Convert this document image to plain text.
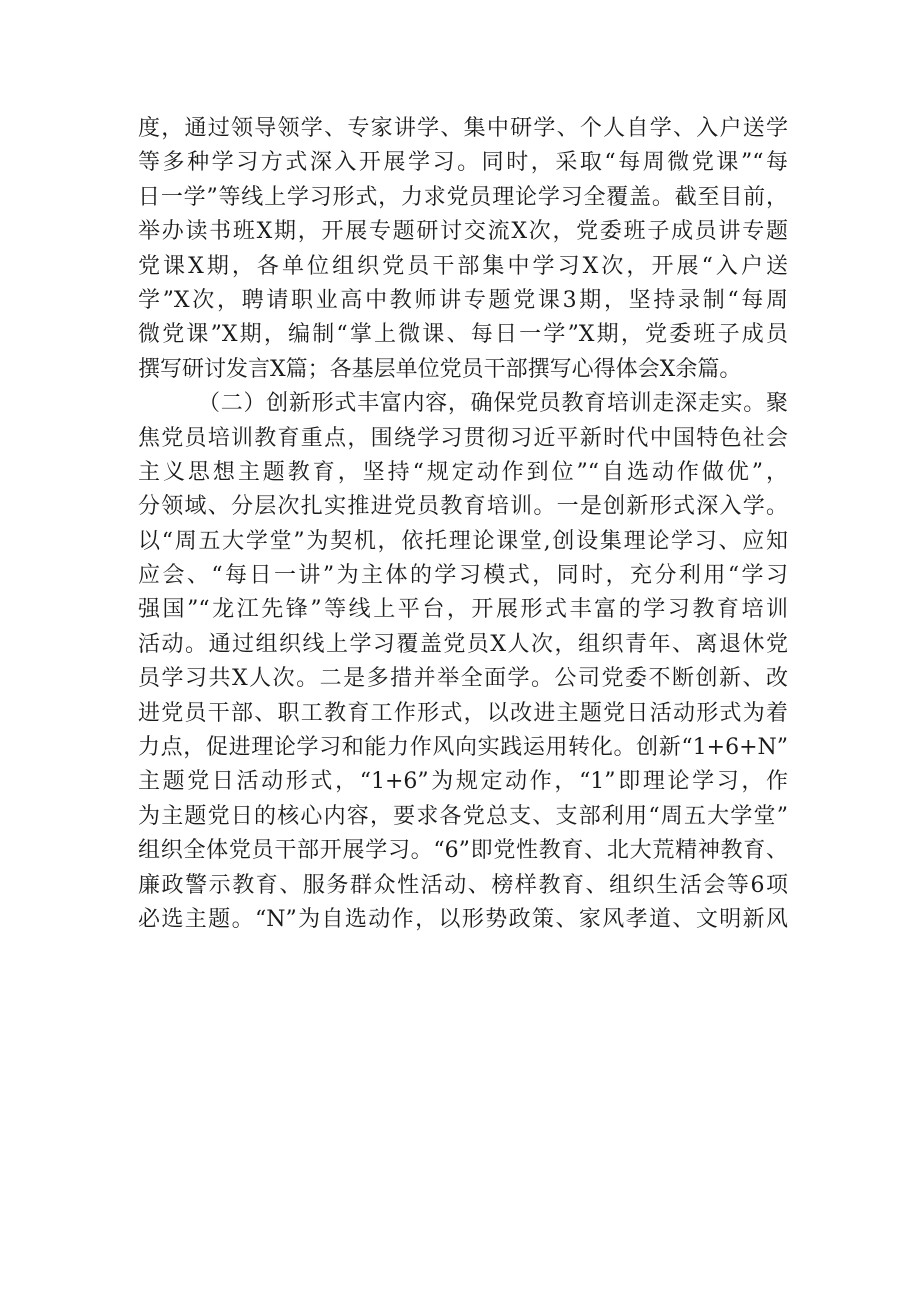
度，通过领导领学、专家讲学、集中研学、个人自学、入户送学
等多种学习方式深入开展学习。同时，采取“每周微党课”“每
日一学”等线上学习形式，力求党员理论学习全覆盖。截至目前，
举办读书班X期，开展专题研讨交流X次，党委班子成员讲专题
党课X期，各单位组织党员干部集中学习X次，开展“入户送
学”X次，聘请职业高中教师讲专题党课3期，坚持录制“每周
微党课”X期，编制“掌上微课、每日一学”X期，党委班子成员
撰写研讨发言X篇；各基层单位党员干部撰写心得体会X余篇。
（二）创新形式丰富内容，确保党员教育培训走深走实。聚
焦党员培训教育重点，围绕学习贯彻习近平新时代中国特色社会
主义思想主题教育，坚持“规定动作到位”“自选动作做优”，
分领域、分层次扎实推进党员教育培训。一是创新形式深入学。
以“周五大学堂”为契机，依托理论课堂,创设集理论学习、应知
应会、“每日一讲”为主体的学习模式，同时，充分利用“学习
强国”“龙江先锋”等线上平台，开展形式丰富的学习教育培训
活动。通过组织线上学习覆盖党员X人次，组织青年、离退休党
员学习共X人次。二是多措并举全面学。公司党委不断创新、改
进党员干部、职工教育工作形式，以改进主题党日活动形式为着
力点，促进理论学习和能力作风向实践运用转化。创新“1+6+N”
主题党日活动形式，“1+6”为规定动作，“1”即理论学习，作
为主题党日的核心内容，要求各党总支、支部利用“周五大学堂”
组织全体党员干部开展学习。“6”即党性教育、北大荒精神教育、
廉政警示教育、服务群众性活动、榜样教育、组织生活会等6项
必选主题。“N”为自选动作，以形势政策、家风孝道、文明新风
